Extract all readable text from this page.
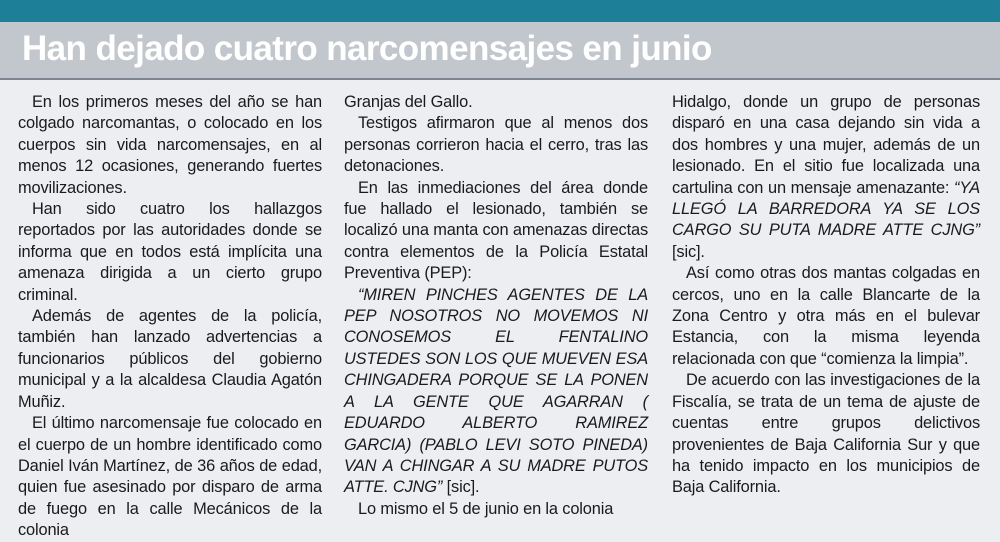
Han dejado cuatro narcomensajes en junio

En los primeros meses del año se han colgado narcomantas, o colocado en los cuerpos sin vida narcomensajes, en al menos 12 ocasiones, generando fuertes movilizaciones.

Han sido cuatro los hallazgos reportados por las autoridades donde se informa que en todos está implícita una amenaza dirigida a un cierto grupo criminal.

Además de agentes de la policía, también han lanzado advertencias a funcionarios públicos del gobierno municipal y a la alcaldesa Claudia Agatón Muñiz.

El último narcomensaje fue colocado en el cuerpo de un hombre identificado como Daniel Iván Martínez, de 36 años de edad, quien fue asesinado por disparo de arma de fuego en la calle Mecánicos de la colonia

Granjas del Gallo.

Testigos afirmaron que al menos dos personas corrieron hacia el cerro, tras las detonaciones.

En las inmediaciones del área donde fue hallado el lesionado, también se localizó una manta con amenazas directas contra elementos de la Policía Estatal Preventiva (PEP):

“MIREN PINCHES AGENTES DE LA PEP NOSOTROS NO MOVEMOS NI CONOSEMOS EL FENTALINO USTEDES SON LOS QUE MUEVEN ESA CHINGADERA PORQUE SE LA PONEN A LA GENTE QUE AGARRAN ( EDUARDO ALBERTO RAMIREZ GARCIA) (PABLO LEVI SOTO PINEDA) VAN A CHINGAR A SU MADRE PUTOS ATTE. CJNG” [sic].

Lo mismo el 5 de junio en la colonia

Hidalgo, donde un grupo de personas disparó en una casa dejando sin vida a dos hombres y una mujer, además de un lesionado. En el sitio fue localizada una cartulina con un mensaje amenazante: “YA LLEGÓ LA BARREDORA YA SE LOS CARGO SU PUTA MADRE ATTE CJNG” [sic].

Así como otras dos mantas colgadas en cercos, uno en la calle Blancarte de la Zona Centro y otra más en el bulevar Estancia, con la misma leyenda relacionada con que “comienza la limpia”.

De acuerdo con las investigaciones de la Fiscalía, se trata de un tema de ajuste de cuentas entre grupos delictivos provenientes de Baja California Sur y que ha tenido impacto en los municipios de Baja California.
